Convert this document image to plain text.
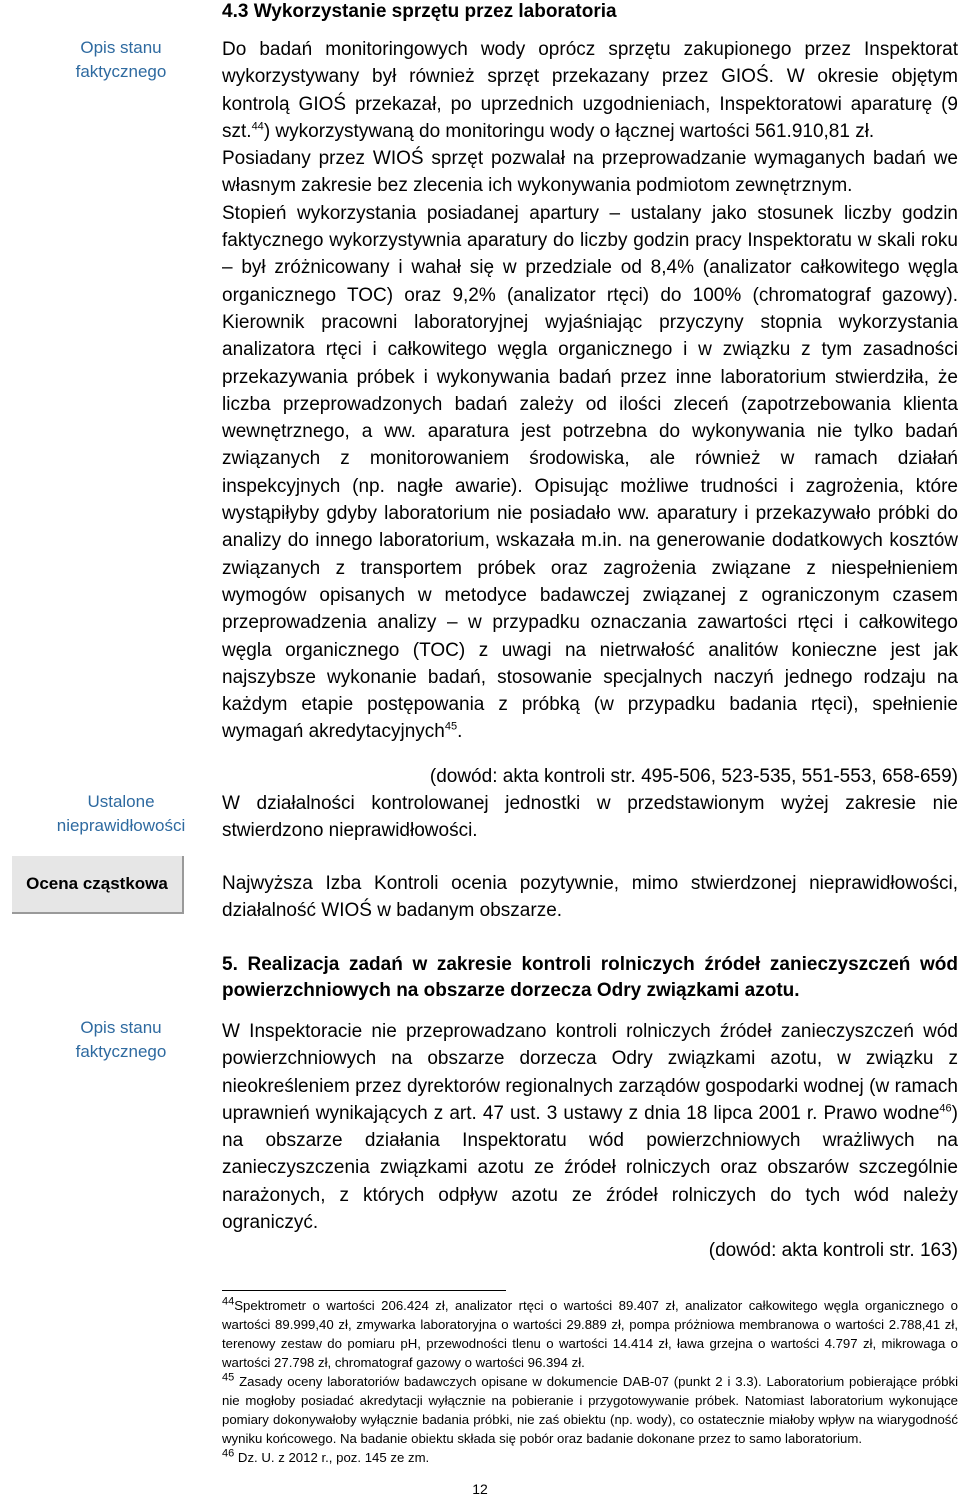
Opis stanu faktycznego
Ustalone nieprawidłowości
Ocena cząstkowa
Opis stanu faktycznego

4.3 Wykorzystanie sprzętu przez laboratoria

Do badań monitoringowych wody oprócz sprzętu zakupionego przez Inspektorat wykorzystywany był również sprzęt przekazany przez GIOŚ. W okresie objętym kontrolą GIOŚ przekazał, po uprzednich uzgodnieniach, Inspektoratowi aparaturę (9 szt.$^{44}$) wykorzystywaną do monitoringu wody o łącznej wartości 561.910,81 zł.

Posiadany przez WIOŚ sprzęt pozwalał na przeprowadzanie wymaganych badań we własnym zakresie bez zlecenia ich wykonywania podmiotom zewnętrznym.

Stopień wykorzystania posiadanej apartury – ustalany jako stosunek liczby godzin faktycznego wykorzystywnia aparatury do liczby godzin pracy Inspektoratu w skali roku – był zróżnicowany i wahał się w przedziale od 8,4% (analizator całkowitego węgla organicznego TOC) oraz 9,2% (analizator rtęci) do 100% (chromatograf gazowy). Kierownik pracowni laboratoryjnej wyjaśniając przyczyny stopnia wykorzystania analizatora rtęci i całkowitego węgla organicznego i w związku z tym zasadności przekazywania próbek i wykonywania badań przez inne laboratorium stwierdziła, że liczba przeprowadzonych badań zależy od ilości zleceń (zapotrzebowania klienta wewnętrznego, a ww. aparatura jest potrzebna do wykonywania nie tylko badań związanych z monitorowaniem środowiska, ale również w ramach działań inspekcyjnych (np. nagłe awarie). Opisując możliwe trudności i zagrożenia, które wystąpiłyby gdyby laboratorium nie posiadało ww. aparatury i przekazywało próbki do analizy do innego laboratorium, wskazała m.in. na generowanie dodatkowych kosztów związanych z transportem próbek oraz zagrożenia związane z niespełnieniem wymogów opisanych w metodyce badawczej związanej z ograniczonym czasem przeprowadzenia analizy – w przypadku oznaczania zawartości rtęci i całkowitego węgla organicznego (TOC) z uwagi na nietrwałość analitów konieczne jest jak najszybsze wykonanie badań, stosowanie specjalnych naczyń jednego rodzaju na każdym etapie postępowania z próbką (w przypadku badania rtęci), spełnienie wymagań akredytacyjnych$^{45}$.

(dowód: akta kontroli str. 495-506, 523-535, 551-553, 658-659)

W działalności kontrolowanej jednostki w przedstawionym wyżej zakresie nie stwierdzono nieprawidłowości.

Najwyższa Izba Kontroli ocenia pozytywnie, mimo stwierdzonej nieprawidłowości, działalność WIOŚ w badanym obszarze.

5. Realizacja zadań w zakresie kontroli rolniczych źródeł zanieczyszczeń wód powierzchniowych na obszarze dorzecza Odry związkami azotu.

W Inspektoracie nie przeprowadzano kontroli rolniczych źródeł zanieczyszczeń wód powierzchniowych na obszarze dorzecza Odry związkami azotu, w związku z nieokreśleniem przez dyrektorów regionalnych zarządów gospodarki wodnej (w ramach uprawnień wynikających z art. 47 ust. 3 ustawy z dnia 18 lipca 2001 r. Prawo wodne$^{46}$) na obszarze działania Inspektoratu wód powierzchniowych wrażliwych na zanieczyszczenia związkami azotu ze źródeł rolniczych oraz obszarów szczególnie narażonych, z których odpływ azotu ze źródeł rolniczych do tych wód należy ograniczyć.

(dowód: akta kontroli str. 163)

$^{44}$Spektrometr o wartości 206.424 zł, analizator rtęci o wartości 89.407 zł, analizator całkowitego węgla organicznego o wartości 89.999,40 zł, zmywarka laboratoryjna o wartości 29.889 zł, pompa próżniowa membranowa o wartości 2.788,41 zł, terenowy zestaw do pomiaru pH, przewodności tlenu o wartości 14.414 zł, ława grzejna o wartości 4.797 zł, mikrowaga o wartości 27.798 zł, chromatograf gazowy o wartości 96.394 zł.

$^{45}$ Zasady oceny laboratoriów badawczych opisane w dokumencie DAB-07 (punkt 2 i 3.3). Laboratorium pobierające próbki nie mogłoby posiadać akredytacji wyłącznie na pobieranie i przygotowywanie próbek. Natomiast laboratorium wykonujące pomiary dokonywałoby wyłącznie badania próbki, nie zaś obiektu (np. wody), co ostatecznie miałoby wpływ na wiarygodność wyniku końcowego. Na badanie obiektu składa się pobór oraz badanie dokonane przez to samo laboratorium.

$^{46}$ Dz. U. z 2012 r., poz. 145 ze zm.

12
